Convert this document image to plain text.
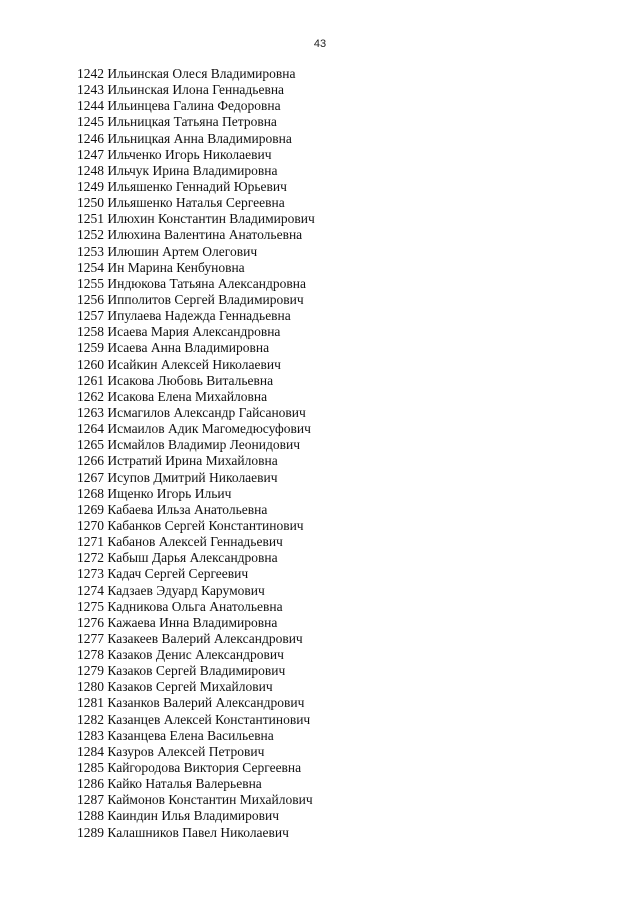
43
1242 Ильинская Олеся Владимировна
1243 Ильинская Илона Геннадьевна
1244 Ильинцева Галина Федоровна
1245 Ильницкая Татьяна Петровна
1246 Ильницкая Анна Владимировна
1247 Ильченко Игорь Николаевич
1248 Ильчук Ирина Владимировна
1249 Ильяшенко Геннадий Юрьевич
1250 Ильяшенко Наталья Сергеевна
1251 Илюхин Константин Владимирович
1252 Илюхина Валентина Анатольевна
1253 Илюшин Артем Олегович
1254 Ин Марина Кенбуновна
1255 Индюкова Татьяна Александровна
1256 Ипполитов Сергей Владимирович
1257 Ипулаева Надежда Геннадьевна
1258 Исаева Мария Александровна
1259 Исаева Анна Владимировна
1260 Исайкин Алексей Николаевич
1261 Исакова Любовь Витальевна
1262 Исакова Елена Михайловна
1263 Исмагилов Александр Гайсанович
1264 Исмаилов Адик Магомедюсуфович
1265 Исмайлов Владимир Леонидович
1266 Истратий Ирина Михайловна
1267 Исупов Дмитрий Николаевич
1268 Ищенко Игорь Ильич
1269 Кабаева Ильза Анатольевна
1270 Кабанков Сергей Константинович
1271 Кабанов Алексей Геннадьевич
1272 Кабыш Дарья Александровна
1273 Кадач Сергей Сергеевич
1274 Кадзаев Эдуард Карумович
1275 Кадникова Ольга Анатольевна
1276 Кажаева Инна Владимировна
1277 Казакеев Валерий Александрович
1278 Казаков Денис Александрович
1279 Казаков Сергей Владимирович
1280 Казаков Сергей Михайлович
1281 Казанков Валерий Александрович
1282 Казанцев Алексей Константинович
1283 Казанцева Елена Васильевна
1284 Казуров Алексей Петрович
1285 Кайгородова Виктория Сергеевна
1286 Кайко Наталья Валерьевна
1287 Каймонов Константин Михайлович
1288 Каиндин Илья Владимирович
1289 Калашников Павел Николаевич
